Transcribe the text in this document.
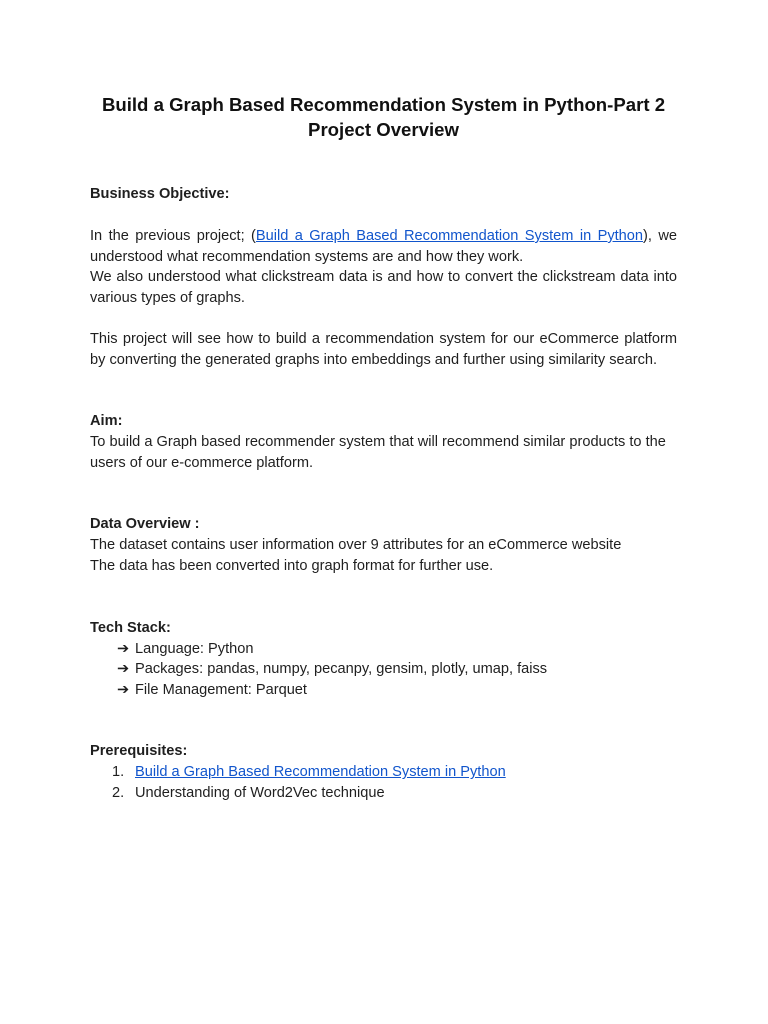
Build a Graph Based Recommendation System in Python-Part 2
Project Overview

Business Objective:

In the previous project; (Build a Graph Based Recommendation System in Python), we understood what recommendation systems are and how they work.

We also understood what clickstream data is and how to convert the clickstream data into various types of graphs.

This project will see how to build a recommendation system for our eCommerce platform by converting the generated graphs into embeddings and further using similarity search.

Aim:

To build a Graph based recommender system that will recommend similar products to the users of our e-commerce platform.

Data Overview :

The dataset contains user information over 9 attributes for an eCommerce website

The data has been converted into graph format for further use.

Tech Stack:

➔ Language: Python
➔ Packages: pandas, numpy, pecanpy, gensim, plotly, umap, faiss
➔ File Management: Parquet

Prerequisites:

1. Build a Graph Based Recommendation System in Python
2. Understanding of Word2Vec technique
